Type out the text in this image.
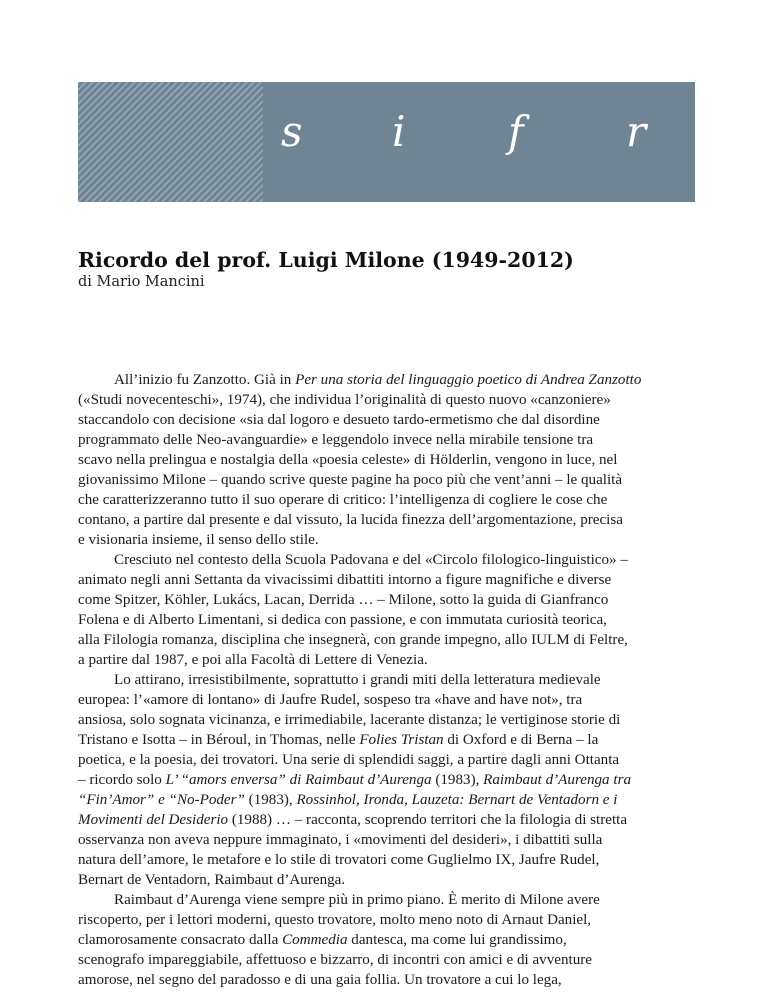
s i f r
SOCIETÀ ITALIANA DI FILOLOGIA ROMANZA
Ricordo del prof. Luigi Milone (1949-2012)
di Mario Mancini

All’inizio fu Zanzotto. Già in Per una storia del linguaggio poetico di Andrea Zanzotto
(«Studi novecenteschi», 1974), che individua l’originalità di questo nuovo «canzoniere»
staccandolo con decisione «sia dal logoro e desueto tardo-ermetismo che dal disordine
programmato delle Neo-avanguardie» e leggendolo invece nella mirabile tensione tra
scavo nella prelingua e nostalgia della «poesia celeste» di Hölderlin, vengono in luce, nel
giovanissimo Milone – quando scrive queste pagine ha poco più che vent’anni – le qualità
che caratterizzeranno tutto il suo operare di critico: l’intelligenza di cogliere le cose che
contano, a partire dal presente e dal vissuto, la lucida finezza dell’argomentazione, precisa
e visionaria insieme, il senso dello stile.

Cresciuto nel contesto della Scuola Padovana e del «Circolo filologico-linguistico» –
animato negli anni Settanta da vivacissimi dibattiti intorno a figure magnifiche e diverse
come Spitzer, Köhler, Lukács, Lacan, Derrida … – Milone, sotto la guida di Gianfranco
Folena e di Alberto Limentani, si dedica con passione, e con immutata curiosità teorica,
alla Filologia romanza, disciplina che insegnerà, con grande impegno, allo IULM di Feltre,
a partire dal 1987, e poi alla Facoltà di Lettere di Venezia.

Lo attirano, irresistibilmente, soprattutto i grandi miti della letteratura medievale
europea: l’«amore di lontano» di Jaufre Rudel, sospeso tra «have and have not», tra
ansiosa, solo sognata vicinanza, e irrimediabile, lacerante distanza; le vertiginose storie di
Tristano e Isotta – in Béroul, in Thomas, nelle Folies Tristan di Oxford e di Berna – la
poetica, e la poesia, dei trovatori. Una serie di splendidi saggi, a partire dagli anni Ottanta
– ricordo solo L’ “amors enversa” di Raimbaut d’Aurenga (1983), Raimbaut d’Aurenga tra
“Fin’Amor” e “No-Poder” (1983), Rossinhol, Ironda, Lauzeta: Bernart de Ventadorn e i
Movimenti del Desiderio (1988) … – racconta, scoprendo territori che la filologia di stretta
osservanza non aveva neppure immaginato, i «movimenti del desideri», i dibattiti sulla
natura dell’amore, le metafore e lo stile di trovatori come Guglielmo IX, Jaufre Rudel,
Bernart de Ventadorn, Raimbaut d’Aurenga.

Raimbaut d’Aurenga viene sempre più in primo piano. È merito di Milone avere
riscoperto, per i lettori moderni, questo trovatore, molto meno noto di Arnaut Daniel,
clamorosamente consacrato dalla Commedia dantesca, ma come lui grandissimo,
scenografo impareggiabile, affettuoso e bizzarro, di incontri con amici e di avventure
amorose, nel segno del paradosso e di una gaia follia. Un trovatore a cui lo lega,
